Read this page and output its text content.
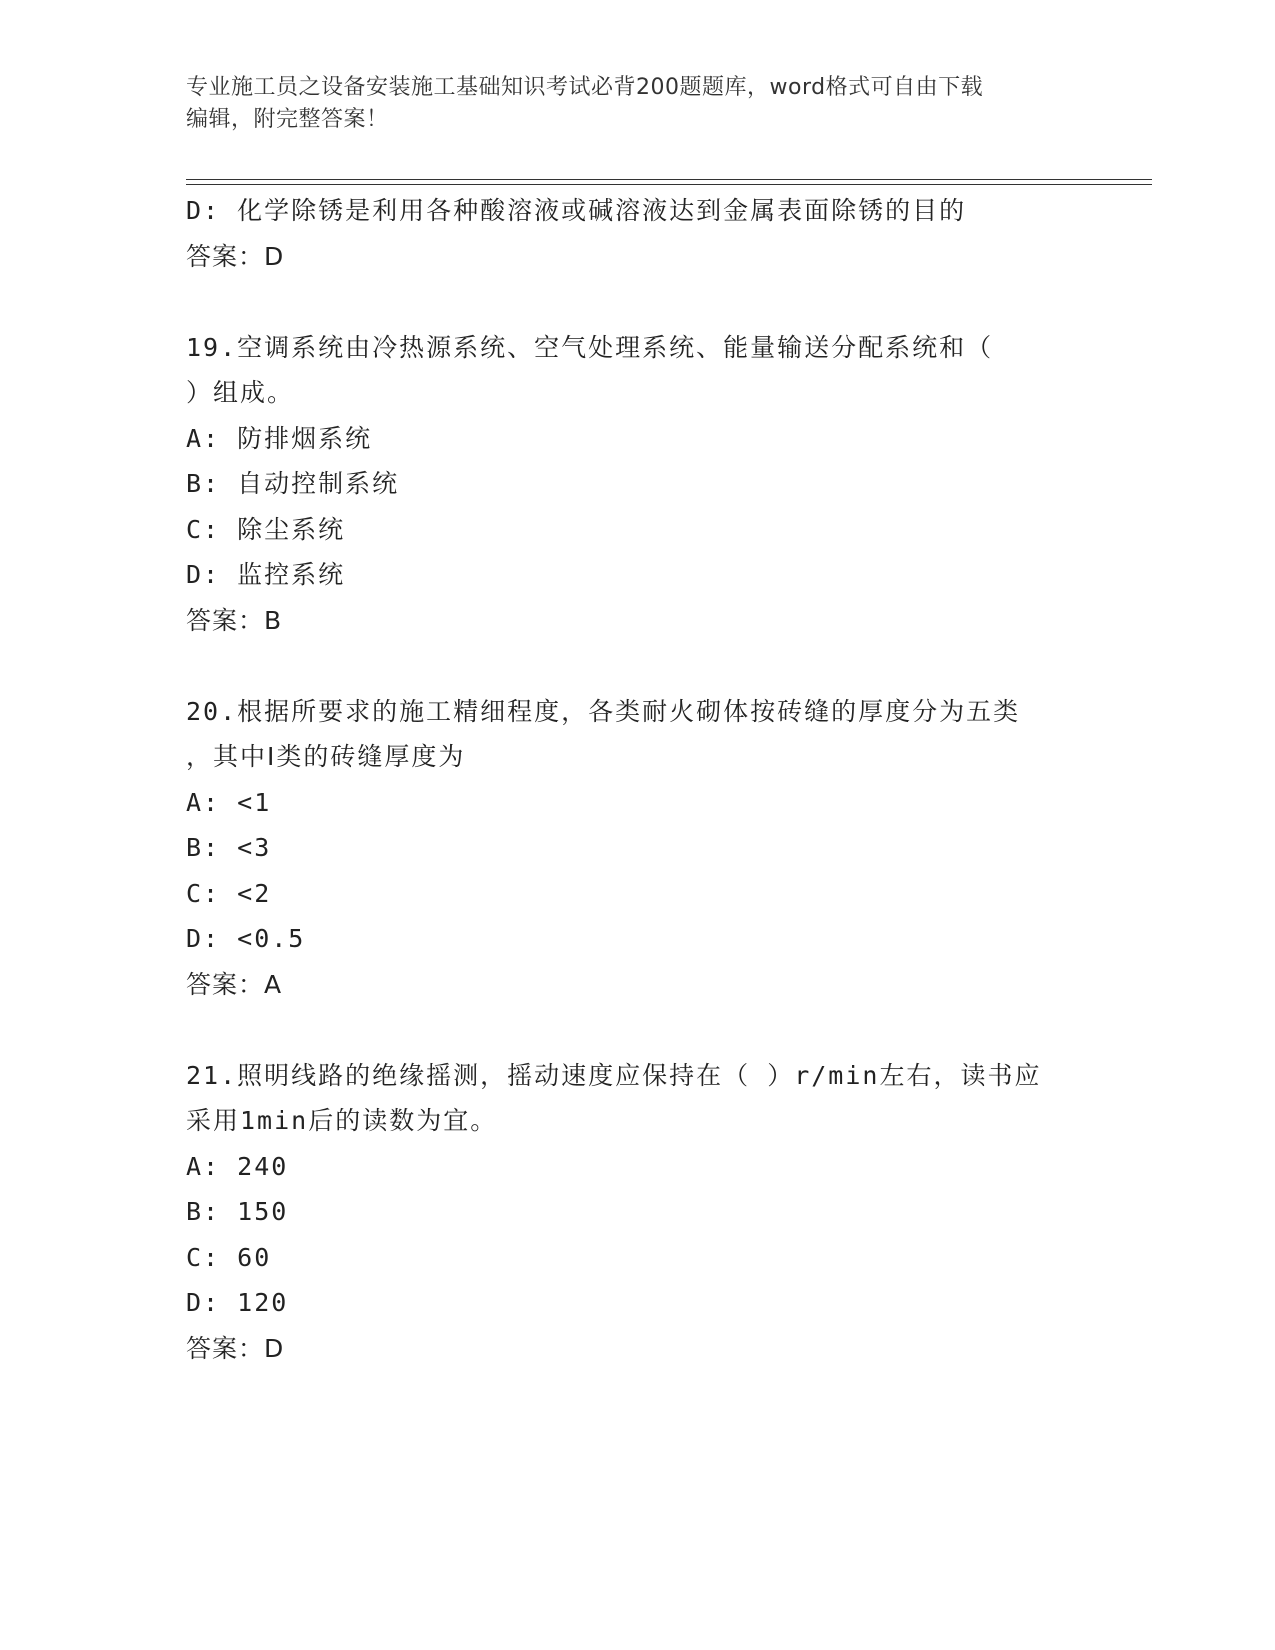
专业施工员之设备安装施工基础知识考试必背200题题库，word格式可自由下载
编辑，附完整答案！
D: 化学除锈是利用各种酸溶液或碱溶液达到金属表面除锈的目的
答案：D
19.空调系统由冷热源系统、空气处理系统、能量输送分配系统和（
）组成。
A: 防排烟系统
B: 自动控制系统
C: 除尘系统
D: 监控系统
答案：B
20.根据所要求的施工精细程度，各类耐火砌体按砖缝的厚度分为五类
，其中Ⅰ类的砖缝厚度为
A: <1
B: <3
C: <2
D: <0.5
答案：A
21.照明线路的绝缘摇测，摇动速度应保持在（ ）r/min左右，读书应
采用1min后的读数为宜。
A: 240
B: 150
C: 60
D: 120
答案：D
